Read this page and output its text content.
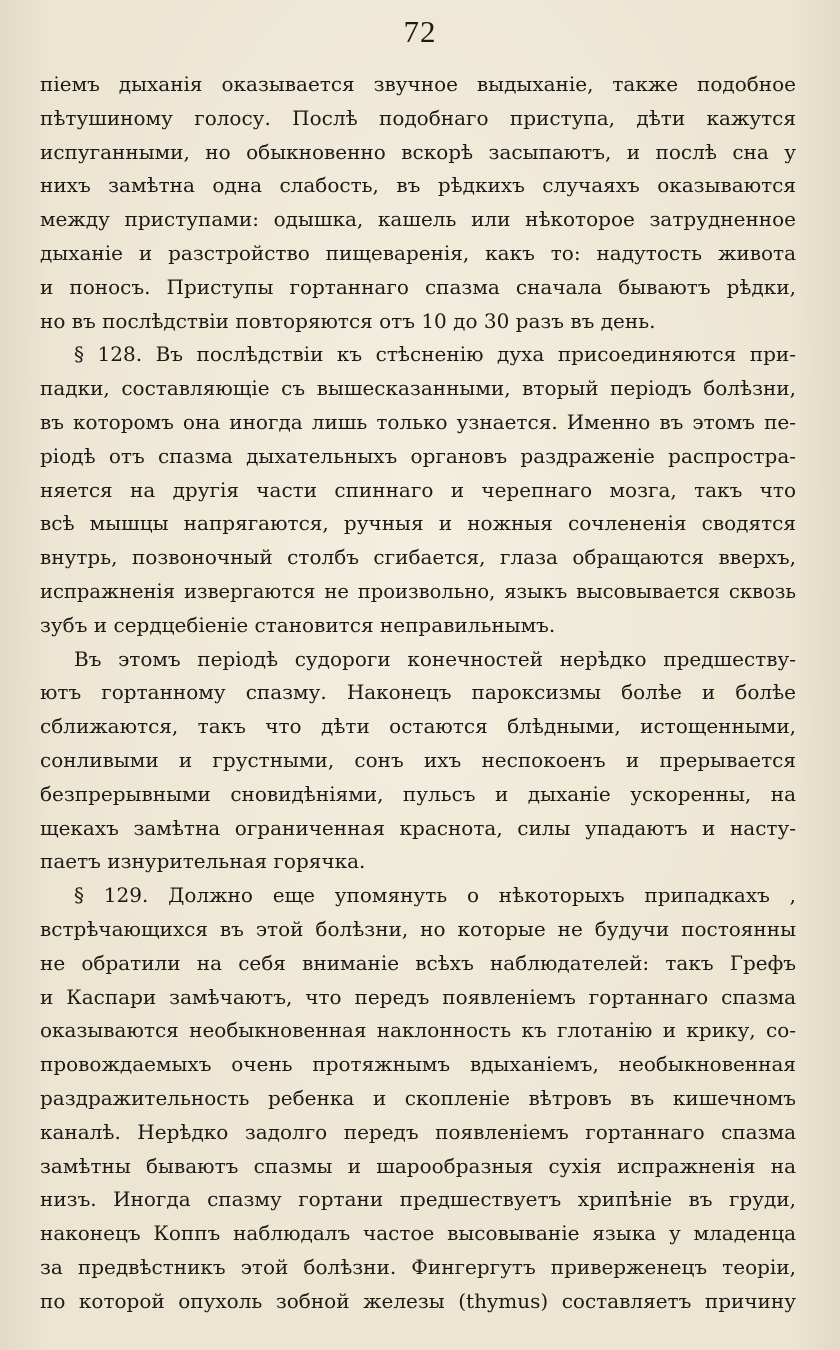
72
піемъ дыханія оказывается звучное выдыханіе, также подобное
пѣтушиному голосу. Послѣ подобнаго приступа, дѣти кажутся
испуганными, но обыкновенно вскорѣ засыпаютъ, и послѣ сна у
нихъ замѣтна одна слабость, въ рѣдкихъ случаяхъ оказываются
между приступами: одышка, кашель или нѣкоторое затрудненное
дыханіе и разстройство пищеваренія, какъ то: надутость живота
и поносъ. Приступы гортаннаго спазма сначала бываютъ рѣдки,
но въ послѣдствіи повторяются отъ 10 до 30 разъ въ день.
§ 128. Въ послѣдствіи къ стѣсненію духа присоединяются при-
падки, составляющіе съ вышесказанными, вторый періодъ болѣзни,
въ которомъ она иногда лишь только узнается. Именно въ этомъ пе-
ріодѣ отъ спазма дыхательныхъ органовъ раздраженіе распростра-
няется на другія части спиннаго и черепнаго мозга, такъ что
всѣ мышцы напрягаются, ручныя и ножныя сочлененія сводятся
внутрь, позвоночный столбъ сгибается, глаза обращаются вверхъ,
испражненія извергаются не произвольно, языкъ высовывается сквозь
зубъ и сердцебіеніе становится неправильнымъ.
Въ этомъ періодѣ судороги конечностей нерѣдко предшеству-
ютъ гортанному спазму. Наконецъ пароксизмы болѣе и болѣе
сближаются, такъ что дѣти остаются блѣдными, истощенными,
сонливыми и грустными, сонъ ихъ неспокоенъ и прерывается
безпрерывными сновидѣніями, пульсъ и дыханіе ускоренны, на
щекахъ замѣтна ограниченная краснота, силы упадаютъ и насту-
паетъ изнурительная горячка.
§ 129. Должно еще упомянуть о нѣкоторыхъ припадкахъ ,
встрѣчающихся въ этой болѣзни, но которые не будучи постоянны
не обратили на себя вниманіе всѣхъ наблюдателей: такъ Грефъ
и Каспари замѣчаютъ, что передъ появленіемъ гортаннаго спазма
оказываются необыкновенная наклонность къ глотанію и крику, со-
провождаемыхъ очень протяжнымъ вдыханіемъ, необыкновенная
раздражительность ребенка и скопленіе вѣтровъ въ кишечномъ
каналѣ. Нерѣдко задолго передъ появленіемъ гортаннаго спазма
замѣтны бываютъ спазмы и шарообразныя сухія испражненія на
низъ. Иногда спазму гортани предшествуетъ хрипѣніе въ груди,
наконецъ Коппъ наблюдалъ частое высовываніе языка у младенца
за предвѣстникъ этой болѣзни. Фингергутъ приверженецъ теоріи,
по которой опухоль зобной железы (thymus) составляетъ причину
